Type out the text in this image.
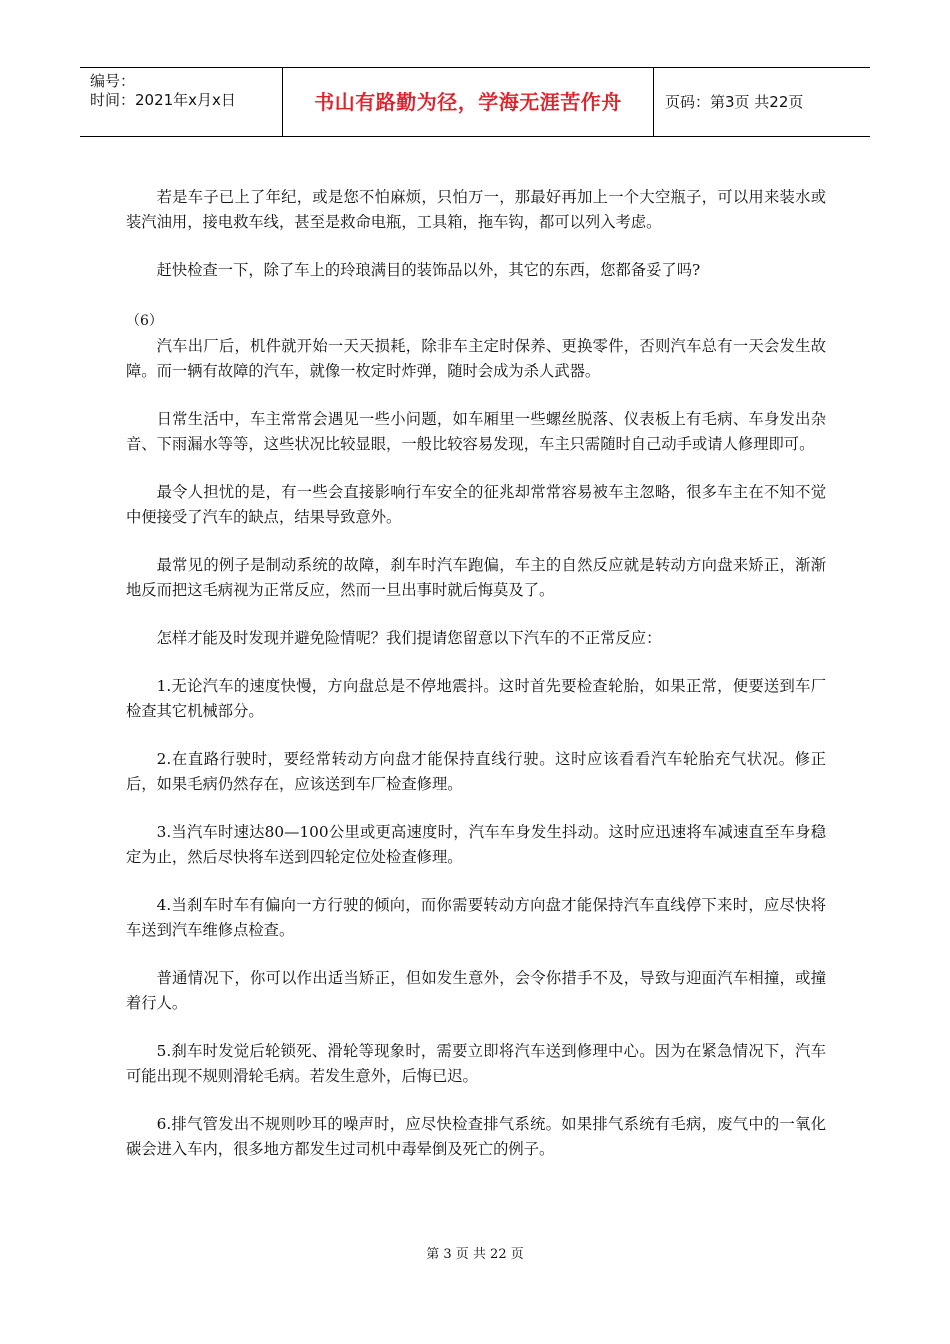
编号：
时间：2021年x月x日	书山有路勤为径，学海无涯苦作舟	页码：第3页 共22页

若是车子已上了年纪，或是您不怕麻烦，只怕万一，那最好再加上一个大空瓶子，可以用来装水或装汽油用，接电救车线，甚至是救命电瓶，工具箱，拖车钩，都可以列入考虑。

赶快检查一下，除了车上的玲琅满目的装饰品以外，其它的东西，您都备妥了吗?

（6）

汽车出厂后，机件就开始一天天损耗，除非车主定时保养、更换零件，否则汽车总有一天会发生故障。而一辆有故障的汽车，就像一枚定时炸弹，随时会成为杀人武器。

日常生活中，车主常常会遇见一些小问题，如车厢里一些螺丝脱落、仪表板上有毛病、车身发出杂音、下雨漏水等等，这些状况比较显眼，一般比较容易发现，车主只需随时自己动手或请人修理即可。

最令人担忧的是，有一些会直接影响行车安全的征兆却常常容易被车主忽略，很多车主在不知不觉中便接受了汽车的缺点，结果导致意外。

最常见的例子是制动系统的故障，刹车时汽车跑偏，车主的自然反应就是转动方向盘来矫正，渐渐地反而把这毛病视为正常反应，然而一旦出事时就后悔莫及了。

怎样才能及时发现并避免险情呢？我们提请您留意以下汽车的不正常反应：

1.无论汽车的速度快慢，方向盘总是不停地震抖。这时首先要检查轮胎，如果正常，便要送到车厂检查其它机械部分。

2.在直路行驶时，要经常转动方向盘才能保持直线行驶。这时应该看看汽车轮胎充气状况。修正后，如果毛病仍然存在，应该送到车厂检查修理。

3.当汽车时速达80—100公里或更高速度时，汽车车身发生抖动。这时应迅速将车减速直至车身稳定为止，然后尽快将车送到四轮定位处检查修理。

4.当刹车时车有偏向一方行驶的倾向，而你需要转动方向盘才能保持汽车直线停下来时，应尽快将车送到汽车维修点检查。

普通情况下，你可以作出适当矫正，但如发生意外，会令你措手不及，导致与迎面汽车相撞，或撞着行人。

5.刹车时发觉后轮锁死、滑轮等现象时，需要立即将汽车送到修理中心。因为在紧急情况下，汽车可能出现不规则滑轮毛病。若发生意外，后悔已迟。

6.排气管发出不规则吵耳的噪声时，应尽快检查排气系统。如果排气系统有毛病，废气中的一氧化碳会进入车内，很多地方都发生过司机中毒晕倒及死亡的例子。

第 3 页 共 22 页
